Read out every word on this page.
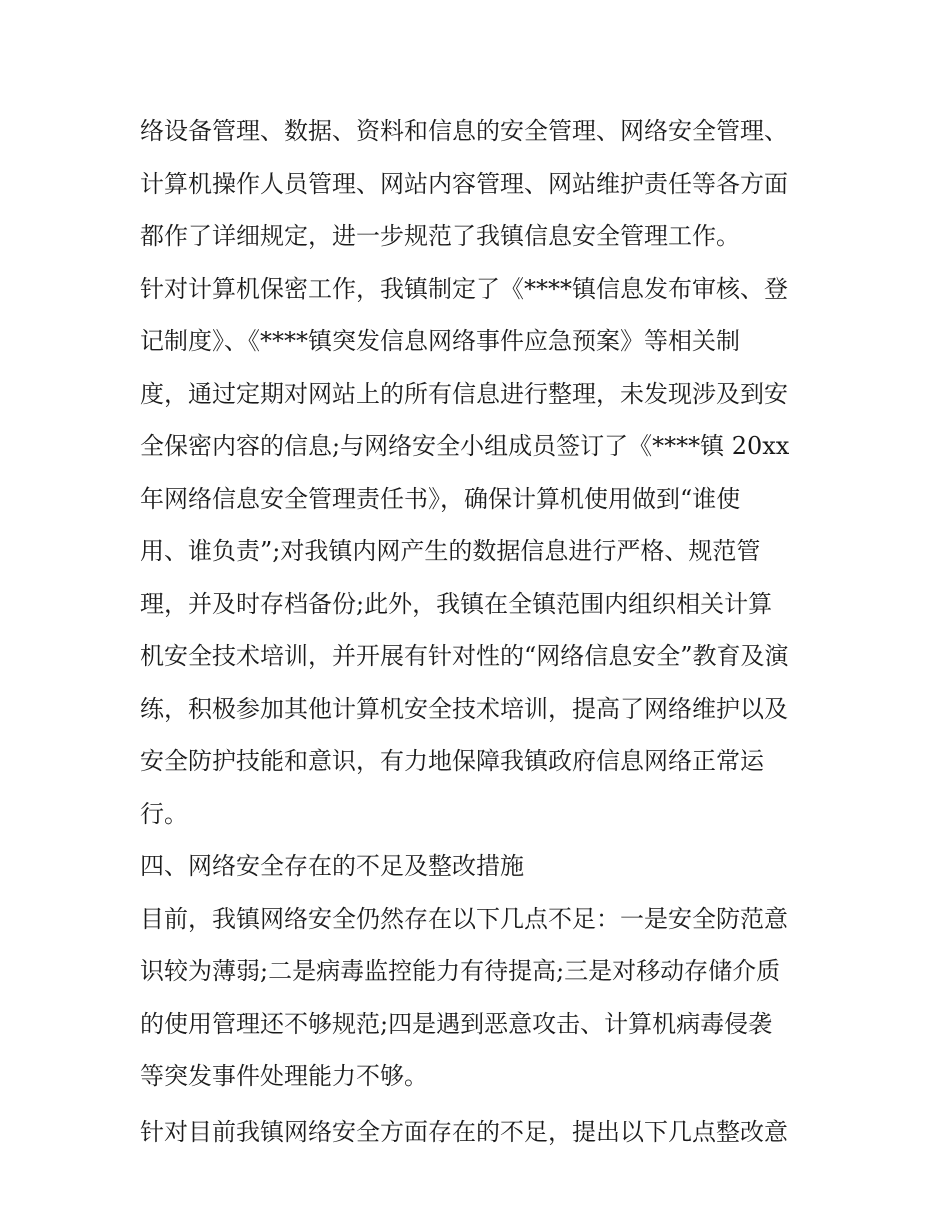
络设备管理、数据、资料和信息的安全管理、网络安全管理、
计算机操作人员管理、网站内容管理、网站维护责任等各方面
都作了详细规定，进一步规范了我镇信息安全管理工作。
针对计算机保密工作，我镇制定了《****镇信息发布审核、登
记制度》、《****镇突发信息网络事件应急预案》等相关制
度，通过定期对网站上的所有信息进行整理，未发现涉及到安
全保密内容的信息;与网络安全小组成员签订了《****镇 20xx
年网络信息安全管理责任书》，确保计算机使用做到“谁使
用、谁负责”;对我镇内网产生的数据信息进行严格、规范管
理，并及时存档备份;此外，我镇在全镇范围内组织相关计算
机安全技术培训，并开展有针对性的“网络信息安全”教育及演
练，积极参加其他计算机安全技术培训，提高了网络维护以及
安全防护技能和意识，有力地保障我镇政府信息网络正常运
行。
四、网络安全存在的不足及整改措施
目前，我镇网络安全仍然存在以下几点不足：一是安全防范意
识较为薄弱;二是病毒监控能力有待提高;三是对移动存储介质
的使用管理还不够规范;四是遇到恶意攻击、计算机病毒侵袭
等突发事件处理能力不够。
针对目前我镇网络安全方面存在的不足，提出以下几点整改意
